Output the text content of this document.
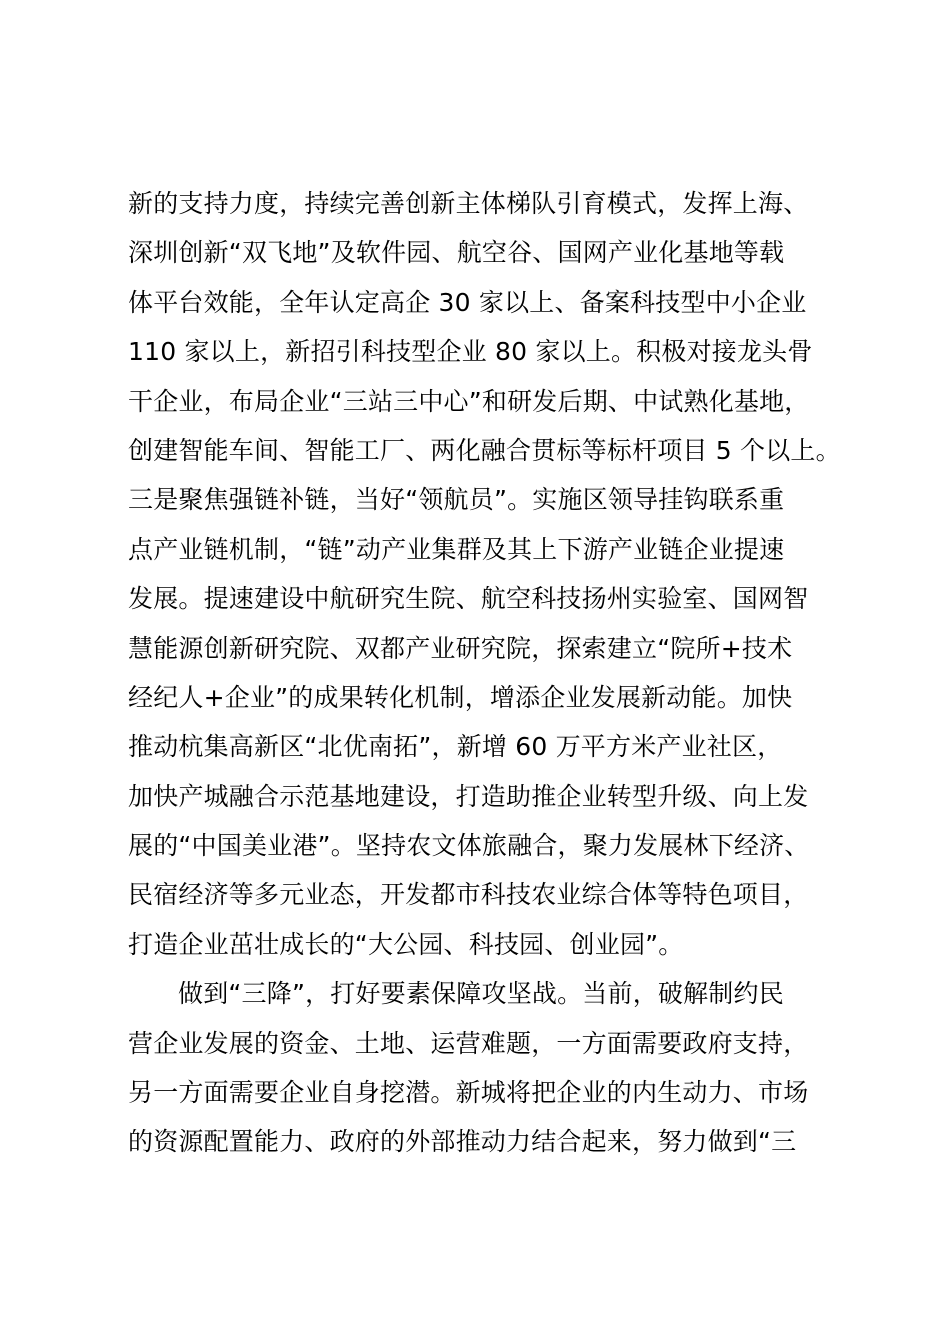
新的支持力度，持续完善创新主体梯队引育模式，发挥上海、
深圳创新“双飞地”及软件园、航空谷、国网产业化基地等载
体平台效能，全年认定高企 30 家以上、备案科技型中小企业
110 家以上，新招引科技型企业 80 家以上。积极对接龙头骨
干企业，布局企业“三站三中心”和研发后期、中试熟化基地，
创建智能车间、智能工厂、两化融合贯标等标杆项目 5 个以上。
三是聚焦强链补链，当好“领航员”。实施区领导挂钩联系重
点产业链机制，“链”动产业集群及其上下游产业链企业提速
发展。提速建设中航研究生院、航空科技扬州实验室、国网智
慧能源创新研究院、双都产业研究院，探索建立“院所+技术
经纪人+企业”的成果转化机制，增添企业发展新动能。加快
推动杭集高新区“北优南拓”，新增 60 万平方米产业社区，
加快产城融合示范基地建设，打造助推企业转型升级、向上发
展的“中国美业港”。坚持农文体旅融合，聚力发展林下经济、
民宿经济等多元业态，开发都市科技农业综合体等特色项目，
打造企业茁壮成长的“大公园、科技园、创业园”。
做到“三降”，打好要素保障攻坚战。当前，破解制约民
营企业发展的资金、土地、运营难题，一方面需要政府支持，
另一方面需要企业自身挖潜。新城将把企业的内生动力、市场
的资源配置能力、政府的外部推动力结合起来，努力做到“三
